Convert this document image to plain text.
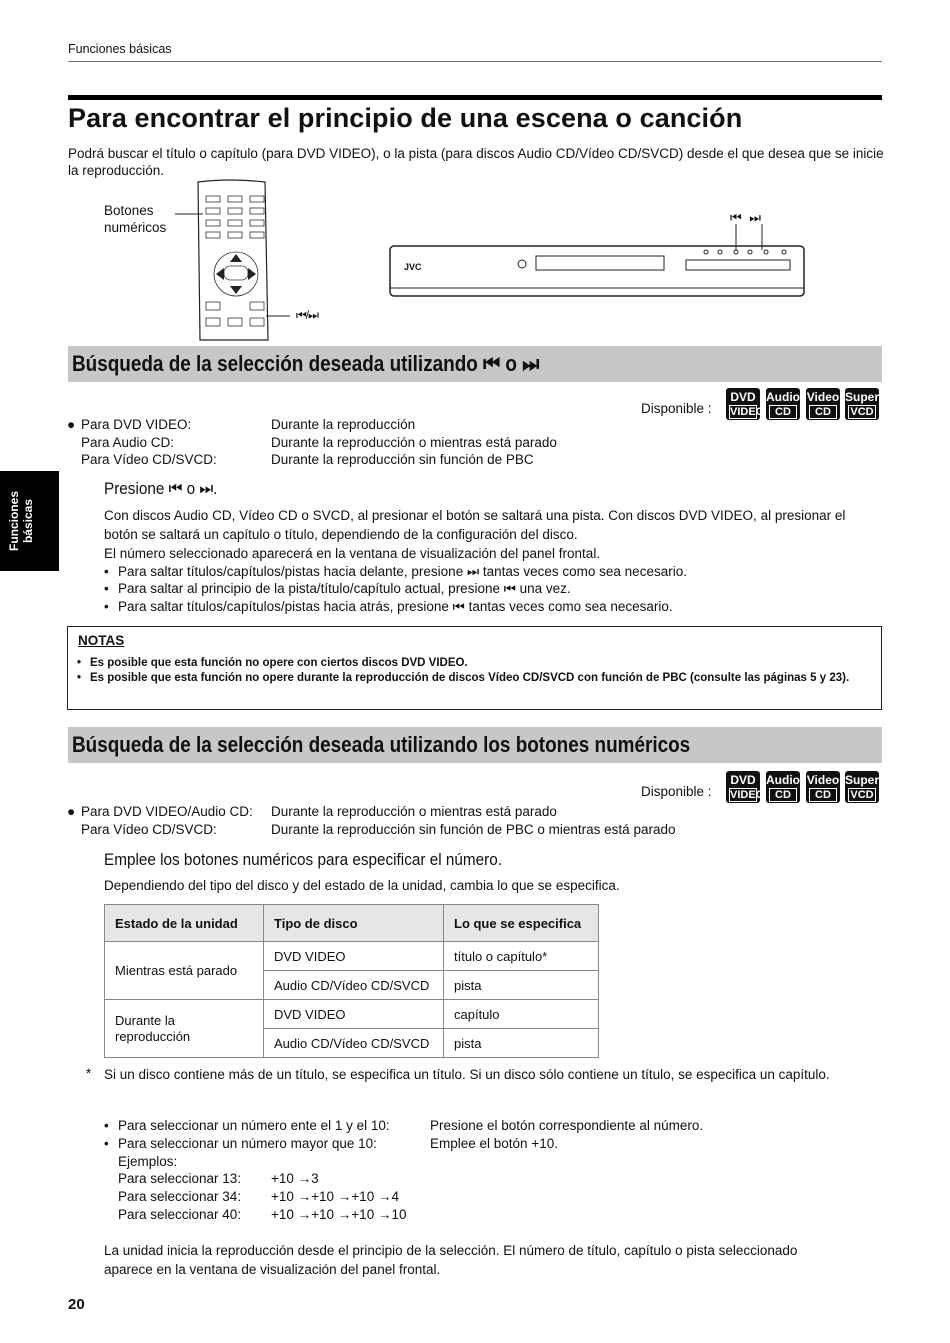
Funciones básicas
Para encontrar el principio de una escena o canción
Podrá buscar el título o capítulo (para DVD VIDEO), o la pista (para discos Audio CD/Vídeo CD/SVCD) desde el que desea que se inicie la reproducción.
Botones numéricos
⏮/⏭
⏮ ⏭
JVC
Búsqueda de la selección deseada utilizando ⏮ o ⏭
Disponible :
DVD
VIDEO
Audio
CD
Video
CD
Super
VCD
● Para DVD VIDEO:	Durante la reproducción
Para Audio CD:	Durante la reproducción o mientras está parado
Para Vídeo CD/SVCD:	Durante la reproducción sin función de PBC
Presione ⏮ o ⏭.
Con discos Audio CD, Vídeo CD o SVCD, al presionar el botón se saltará una pista. Con discos DVD VIDEO, al presionar el botón se saltará un capítulo o título, dependiendo de la configuración del disco.
El número seleccionado aparecerá en la ventana de visualización del panel frontal.
• Para saltar títulos/capítulos/pistas hacia delante, presione ⏭ tantas veces como sea necesario.
• Para saltar al principio de la pista/título/capítulo actual, presione ⏮ una vez.
• Para saltar títulos/capítulos/pistas hacia atrás, presione ⏮ tantas veces como sea necesario.
NOTAS
• Es posible que esta función no opere con ciertos discos DVD VIDEO.
• Es posible que esta función no opere durante la reproducción de discos Vídeo CD/SVCD con función de PBC (consulte las páginas 5 y 23).
Funciones básicas
Búsqueda de la selección deseada utilizando los botones numéricos
Disponible :
DVD
VIDEO
Audio
CD
Video
CD
Super
VCD
● Para DVD VIDEO/Audio CD: Durante la reproducción o mientras está parado
Para Vídeo CD/SVCD:	Durante la reproducción sin función de PBC o mientras está parado
Emplee los botones numéricos para especificar el número.
Dependiendo del tipo del disco y del estado de la unidad, cambia lo que se especifica.
Estado de la unidad	Tipo de disco	Lo que se especifica
Mientras está parado	DVD VIDEO	título o capítulo*
	Audio CD/Vídeo CD/SVCD	pista
Durante la reproducción	DVD VIDEO	capítulo
	Audio CD/Vídeo CD/SVCD	pista
* Si un disco contiene más de un título, se especifica un título. Si un disco sólo contiene un título, se especifica un capítulo.
• Para seleccionar un número ente el 1 y el 10:	Presione el botón correspondiente al número.
• Para seleccionar un número mayor que 10:	Emplee el botón +10.
Ejemplos:
Para seleccionar 13: +10 →3
Para seleccionar 34: +10 →+10 →+10 →4
Para seleccionar 40: +10 →+10 →+10 →10
La unidad inicia la reproducción desde el principio de la selección. El número de título, capítulo o pista seleccionado aparece en la ventana de visualización del panel frontal.
20
